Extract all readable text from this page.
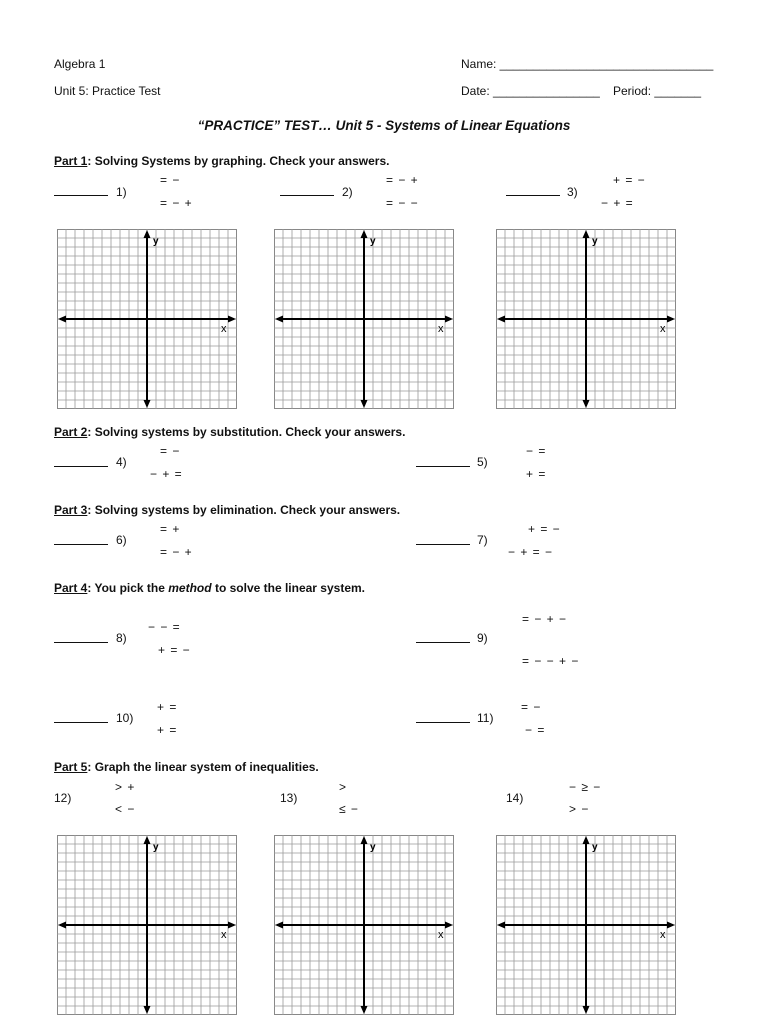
Algebra 1
Unit 5: Practice Test
Name: ________________________________
Date: ________________ Period: _______
“PRACTICE” TEST… Unit 5 - Systems of Linear Equations
Part 1: Solving Systems by graphing. Check your answers.
1)
= −
= − +
2)
= − +
= − −
3)
+ = −
− + =
y
x
y
x
y
x
Part 2: Solving systems by substitution. Check your answers.
4)
= −
− + =
5)
− =
+ =
Part 3: Solving systems by elimination. Check your answers.
6)
= +
= − +
7)
+ = −
− + = −
Part 4: You pick the method to solve the linear system.
8)
− − =
+ = −
9)
= − + −
= − − + −
10)
+ =
+ =
11)
= −
− =
Part 5: Graph the linear system of inequalities.
12)
> +
< −
13)
>
≤ −
14)
− ≥ −
> −
y
x
y
x
y
x
